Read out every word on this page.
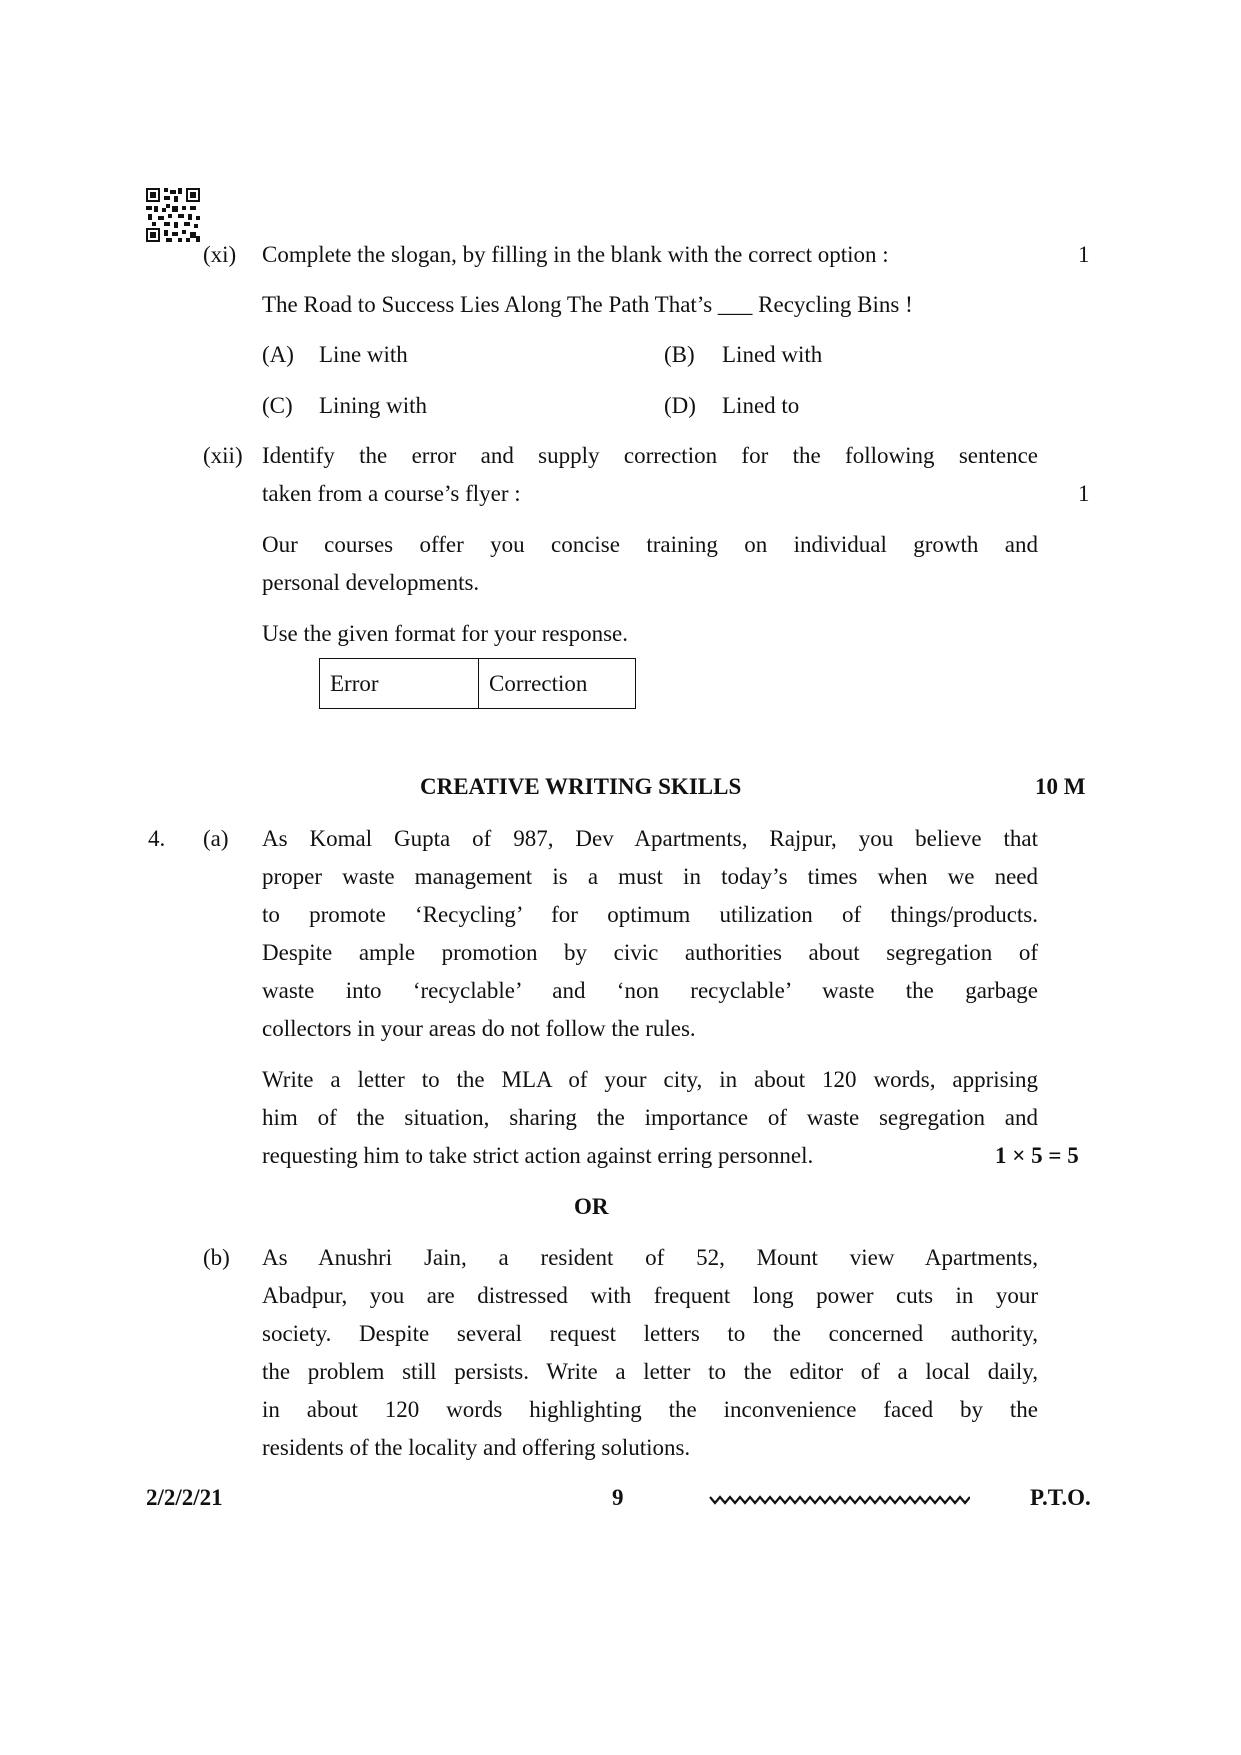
(xi) Complete the slogan, by filling in the blank with the correct option :	1
The Road to Success Lies Along The Path That’s ___ Recycling Bins !
(A) Line with	(B) Lined with
(C) Lining with	(D) Lined to
(xii) Identify the error and supply correction for the following sentence
taken from a course’s flyer :	1
Our courses offer you concise training on individual growth and
personal developments.
Use the given format for your response.
Error	Correction
CREATIVE WRITING SKILLS	10 M
4. (a) As Komal Gupta of 987, Dev Apartments, Rajpur, you believe that
proper waste management is a must in today’s times when we need
to promote ‘Recycling’ for optimum utilization of things/products.
Despite ample promotion by civic authorities about segregation of
waste into ‘recyclable’ and ‘non recyclable’ waste the garbage
collectors in your areas do not follow the rules.
Write a letter to the MLA of your city, in about 120 words, apprising
him of the situation, sharing the importance of waste segregation and
requesting him to take strict action against erring personnel.	1 × 5 = 5
OR
(b) As Anushri Jain, a resident of 52, Mount view Apartments,
Abadpur, you are distressed with frequent long power cuts in your
society. Despite several request letters to the concerned authority,
the problem still persists. Write a letter to the editor of a local daily,
in about 120 words highlighting the inconvenience faced by the
residents of the locality and offering solutions.
2/2/2/21	9	P.T.O.
